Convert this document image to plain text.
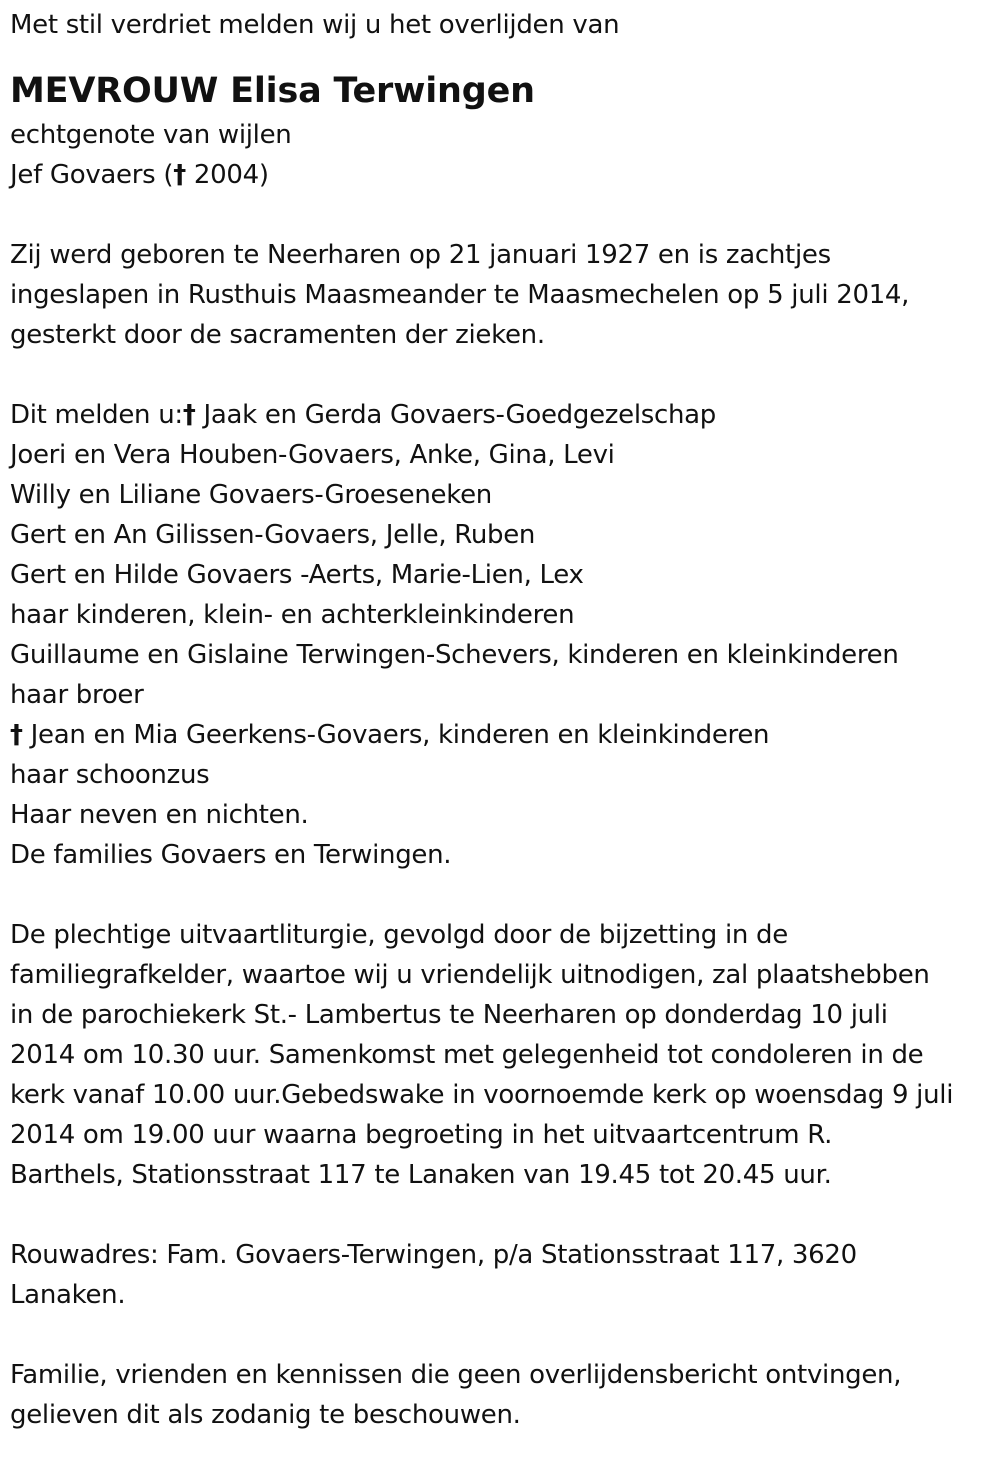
Met stil verdriet melden wij u het overlijden van
MEVROUW Elisa Terwingen
echtgenote van wijlen
Jef Govaers († 2004)
Zij werd geboren te Neerharen op 21 januari 1927 en is zachtjes
ingeslapen in Rusthuis Maasmeander te Maasmechelen op 5 juli 2014,
gesterkt door de sacramenten der zieken.
Dit melden u:† Jaak en Gerda Govaers-Goedgezelschap
Joeri en Vera Houben-Govaers, Anke, Gina, Levi
Willy en Liliane Govaers-Groeseneken
Gert en An Gilissen-Govaers, Jelle, Ruben
Gert en Hilde Govaers -Aerts, Marie-Lien, Lex
haar kinderen, klein- en achterkleinkinderen
Guillaume en Gislaine Terwingen-Schevers, kinderen en kleinkinderen
haar broer
† Jean en Mia Geerkens-Govaers, kinderen en kleinkinderen
haar schoonzus
Haar neven en nichten.
De families Govaers en Terwingen.
De plechtige uitvaartliturgie, gevolgd door de bijzetting in de
familiegrafkelder, waartoe wij u vriendelijk uitnodigen, zal plaatshebben
in de parochiekerk St.- Lambertus te Neerharen op donderdag 10 juli
2014 om 10.30 uur. Samenkomst met gelegenheid tot condoleren in de
kerk vanaf 10.00 uur.Gebedswake in voornoemde kerk op woensdag 9 juli
2014 om 19.00 uur waarna begroeting in het uitvaartcentrum R.
Barthels, Stationsstraat 117 te Lanaken van 19.45 tot 20.45 uur.
Rouwadres: Fam. Govaers-Terwingen, p/a Stationsstraat 117, 3620
Lanaken.
Familie, vrienden en kennissen die geen overlijdensbericht ontvingen,
gelieven dit als zodanig te beschouwen.
